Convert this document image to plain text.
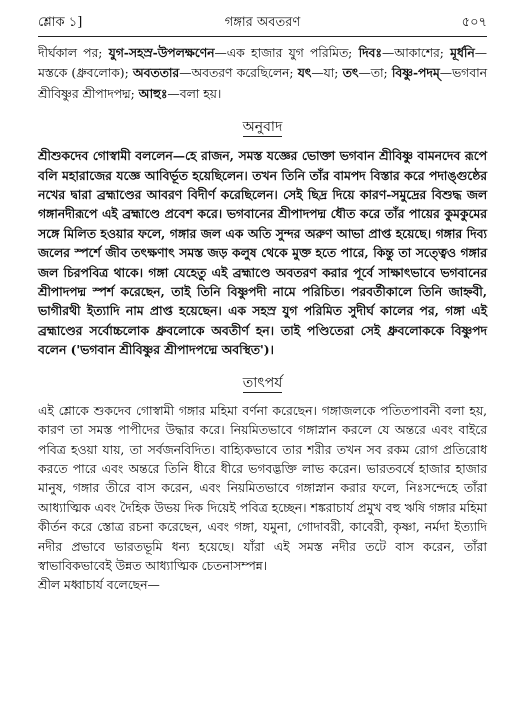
শ্লোক ১]	গঙ্গার অবতরণ	৫০৭

দীর্ঘকাল পর; যুগ-সহস্র-উপলক্ষণেন—এক হাজার যুগ পরিমিত; দিবঃ—আকাশের; মূর্ধনি—মস্তকে (ধ্রুবলোক); অবততার—অবতরণ করেছিলেন; যৎ—যা; তৎ—তা; বিষ্ণু-পদম্—ভগবান শ্রীবিষ্ণুর শ্রীপাদপদ্ম; আহুঃ—বলা হয়।

অনুবাদ

শ্রীশুকদেব গোস্বামী বললেন—হে রাজন, সমস্ত যজ্ঞের ভোক্তা ভগবান শ্রীবিষ্ণু বামনদেব রূপে বলি মহারাজের যজ্ঞে আবির্ভূত হয়েছিলেন। তখন তিনি তাঁর বামপদ বিস্তার করে পদাঙ্গুষ্ঠের নখের দ্বারা ব্রহ্মাণ্ডের আবরণ বিদীর্ণ করেছিলেন। সেই ছিদ্র দিয়ে কারণ-সমুদ্রের বিশুদ্ধ জল গঙ্গানদীরূপে এই ব্রহ্মাণ্ডে প্রবেশ করে। ভগবানের শ্রীপাদপদ্ম ধৌত করে তাঁর পায়ের কুমকুমের সঙ্গে মিলিত হওয়ার ফলে, গঙ্গার জল এক অতি সুন্দর অরুণ আভা প্রাপ্ত হয়েছে। গঙ্গার দিব্য জলের স্পর্শে জীব তৎক্ষণাৎ সমস্ত জড় কলুষ থেকে মুক্ত হতে পারে, কিন্তু তা সত্ত্বেও গঙ্গার জল চিরপবিত্র থাকে। গঙ্গা যেহেতু এই ব্রহ্মাণ্ডে অবতরণ করার পূর্বে সাক্ষাৎভাবে ভগবানের শ্রীপাদপদ্ম স্পর্শ করেছেন, তাই তিনি বিষ্ণুপদী নামে পরিচিত। পরবর্তীকালে তিনি জাহ্নবী, ভাগীরথী ইত্যাদি নাম প্রাপ্ত হয়েছেন। এক সহস্র যুগ পরিমিত সুদীর্ঘ কালের পর, গঙ্গা এই ব্রহ্মাণ্ডের সর্বোচ্চলোক ধ্রুবলোকে অবতীর্ণ হন। তাই পণ্ডিতেরা সেই ধ্রুবলোককে বিষ্ণুপদ বলেন ('ভগবান শ্রীবিষ্ণুর শ্রীপাদপদ্মে অবস্থিত')।

তাৎপর্য

এই শ্লোকে শুকদেব গোস্বামী গঙ্গার মহিমা বর্ণনা করেছেন। গঙ্গাজলকে পতিতপাবনী বলা হয়, কারণ তা সমস্ত পাপীদের উদ্ধার করে। নিয়মিতভাবে গঙ্গাস্নান করলে যে অন্তরে এবং বাইরে পবিত্র হওয়া যায়, তা সর্বজনবিদিত। বাহ্যিকভাবে তার শরীর তখন সব রকম রোগ প্রতিরোধ করতে পারে এবং অন্তরে তিনি ধীরে ধীরে ভগবদ্ভক্তি লাভ করেন। ভারতবর্ষে হাজার হাজার মানুষ, গঙ্গার তীরে বাস করেন, এবং নিয়মিতভাবে গঙ্গাস্নান করার ফলে, নিঃসন্দেহে তাঁরা আধ্যাত্মিক এবং দৈহিক উভয় দিক দিয়েই পবিত্র হচ্ছেন। শঙ্করাচার্য প্রমুখ বহু ঋষি গঙ্গার মহিমা কীর্তন করে স্তোত্র রচনা করেছেন, এবং গঙ্গা, যমুনা, গোদাবরী, কাবেরী, কৃষ্ণা, নর্মদা ইত্যাদি নদীর প্রভাবে ভারতভূমি ধন্য হয়েছে। যাঁরা এই সমস্ত নদীর তটে বাস করেন, তাঁরা স্বাভাবিকভাবেই উন্নত আধ্যাত্মিক চেতনাসম্পন্ন।

শ্রীল মধ্বাচার্য বলেছেন—
